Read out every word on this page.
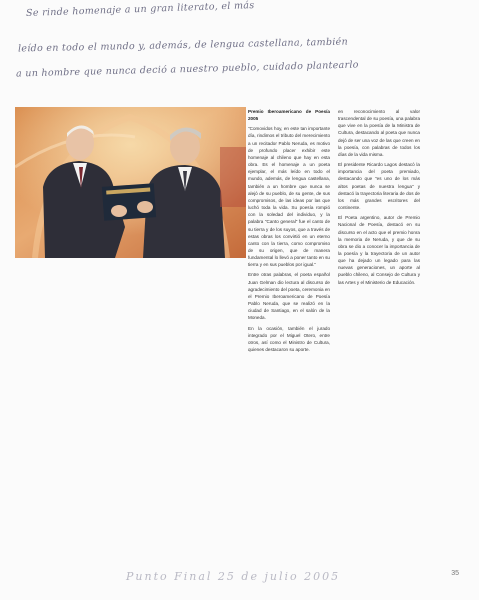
Se rinde homenaje a un gran literato, el más
leído en todo el mundo y, además, de lengua castellana, también
a un hombre que nunca deció a nuestro pueblo, cuidado plantearlo

Premio Iberoamericano de Poesía 2005

"Comovidos hoy, en este tan importante día, rindimos el tributo del merecimiento a un recitador Pablo Neruda, es motivo de profundo placer exhibir este homenaje al chileno que hay en esta obra. Es el homenaje a un poeta ejemplar, el más leído en todo el mundo, además, de lengua castellana, también a un hombre que nunca se alejó de su pueblo, de su gente, de sus compromisos, de las ideas por las que luchó toda la vida. Su poesía rompió con la soledad del individuo, y la palabra "Canto general" fue el canto de su tierra y de los suyos, que a través de estas obras los convirtió en un eterno canto con la tierra, como compromiso de su origen, que de manera fundamental lo llevó a poner tanto en su tierra y en sus pueblos por igual."

Entre otras palabras, el poeta español Juan Gelman dio lectura al discurso de agradecimiento del poeta, ceremonia en el Premio Iberoamericano de Poesía Pablo Neruda, que se realizó en la ciudad de Santiago, en el salón de la Moneda.

En la ocasión, también el jurado integrado por el Miguel Otero, entre otros, así como el Ministro de Cultura, quienes destacaron su aporte.

en reconocimiento al valor trascendental de su poesía, una palabra que vive en la poesía de la Ministra de Cultura, destacando al poeta que nunca dejó de ser una voz de las que creen en la poesía, con palabras de todos los días de la vida misma.

El presidente Ricardo Lagos destacó la importancia del poeta premiado, destacando que "es uno de los más altos poetas de nuestra lengua" y destacó la trayectoria literaria de dos de los más grandes escritores del continente.

El Poeta argentino, autor de Premio Nacional de Poesía, destacó en su discurso en el acto que el premio honra la memoria de Neruda, y que de su obra se dio a conocer la importancia de la poesía y la trayectoria de un autor que ha dejado un legado para las nuevas generaciones, un aporte al pueblo chileno, al Consejo de Cultura y las Artes y el Ministerio de Educación.

Punto Final 25 de julio 2005	35
